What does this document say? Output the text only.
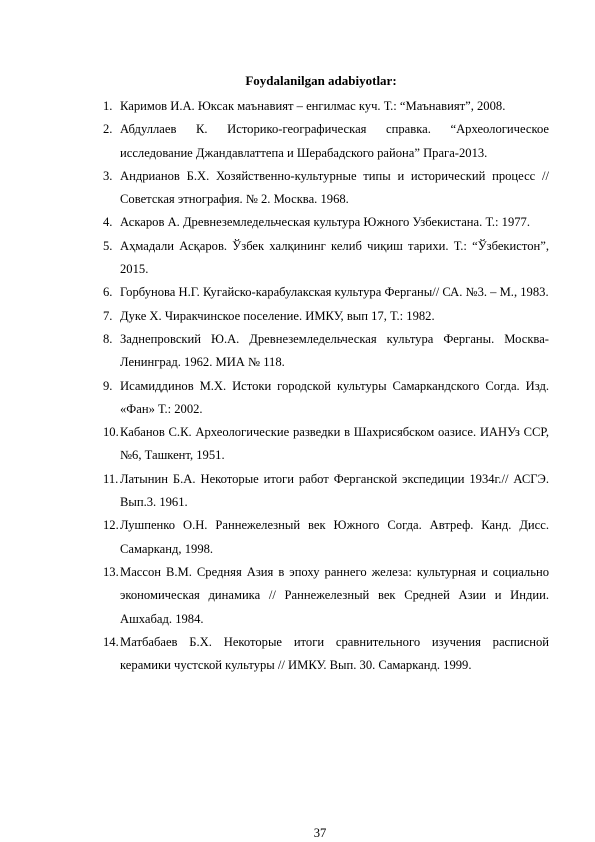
Foydalanilgan adabiyotlar:
1. Каримов И.А. Юксак маънавият – енгилмас куч. Т.: “Маънавият”, 2008.
2. Абдуллаев К. Историко-географическая справка. “Археологическое исследование Джандавлаттепа и Шерабадского района” Прага-2013.
3. Андрианов Б.Х. Хозяйственно-культурные типы и исторический процесс // Советская этнография. № 2. Москва. 1968.
4. Аскаров А. Древнеземледельческая культура Южного Узбекистана. Т.: 1977.
5. Аҳмадали Асқаров. Ўзбек халқининг келиб чиқиш тарихи. Т.: “Ўзбекистон”, 2015.
6. Горбунова Н.Г. Кугайско-карабулакская культура Ферганы// СА. №3. – М., 1983.
7. Дуке Х. Чиракчинское поселение. ИМКУ, вып 17, Т.: 1982.
8. Заднепровский Ю.А. Древнеземледельческая культура Ферганы. Москва-Ленинград. 1962. МИА № 118.
9. Исамиддинов М.Х. Истоки городской культуры Самаркандского Согда. Изд. «Фан» Т.: 2002.
10. Кабанов С.К. Археологические разведки в Шахрисябском оазисе. ИАНУз ССР, №6, Ташкент, 1951.
11. Латынин Б.А. Некоторые итоги работ Ферганской экспедиции 1934г.// АСГЭ. Вып.3. 1961.
12. Лушпенко О.Н. Раннежелезный век Южного Согда. Автреф. Канд. Дисс. Самарканд, 1998.
13. Массон В.М. Средняя Азия в эпоху раннего железа: культурная и социально экономическая динамика // Раннежелезный век Средней Азии и Индии. Ашхабад. 1984.
14. Матбабаев Б.Х. Некоторые итоги сравнительного изучения расписной керамики чустской культуры // ИМКУ. Вып. 30. Самарканд. 1999.
37
